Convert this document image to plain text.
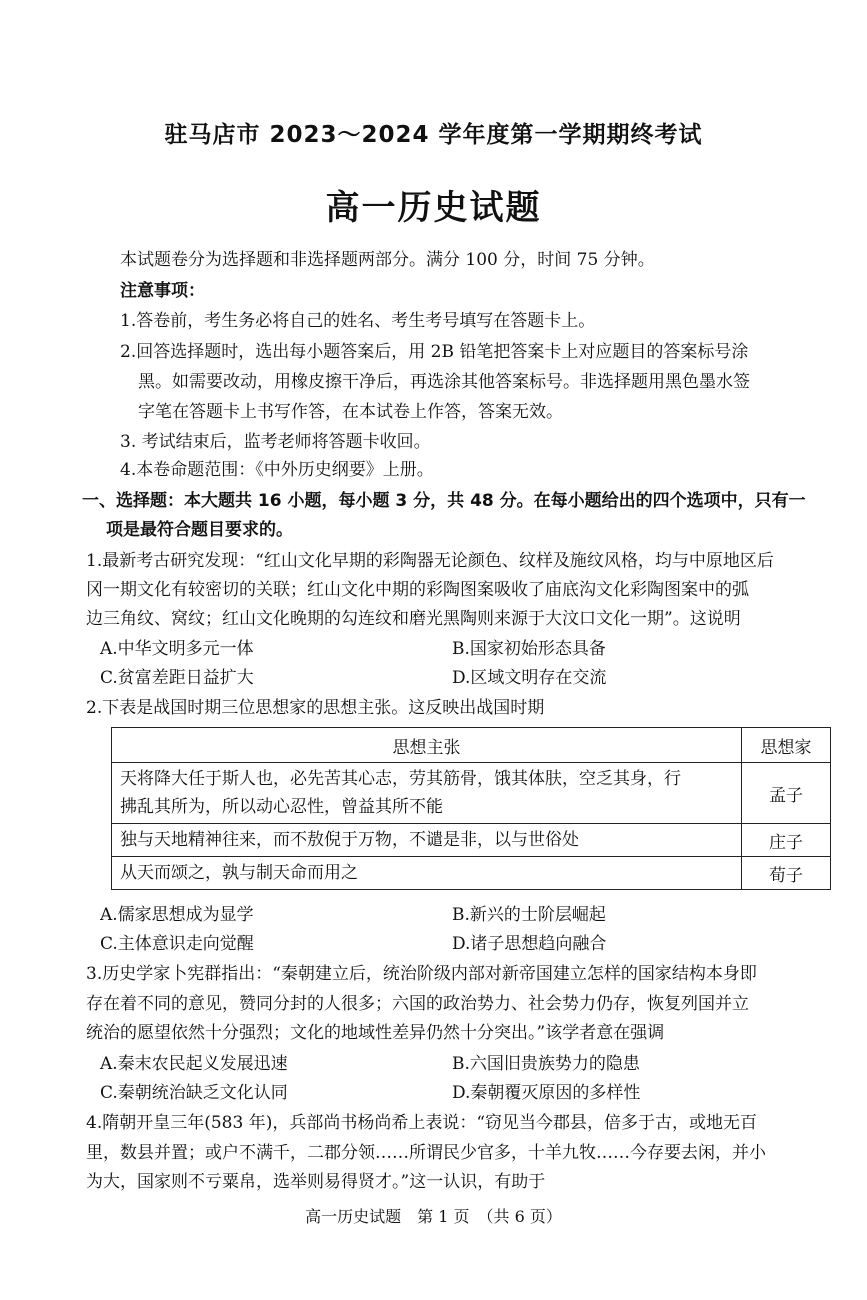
驻马店市 2023～2024 学年度第一学期期终考试
高一历史试题
本试题卷分为选择题和非选择题两部分。满分 100 分，时间 75 分钟。
注意事项：
1.答卷前，考生务必将自己的姓名、考生考号填写在答题卡上。
2.回答选择题时，选出每小题答案后，用 2B 铅笔把答案卡上对应题目的答案标号涂
黑。如需要改动，用橡皮擦干净后，再选涂其他答案标号。非选择题用黑色墨水签
字笔在答题卡上书写作答，在本试卷上作答，答案无效。
3. 考试结束后，监考老师将答题卡收回。
4.本卷命题范围：《中外历史纲要》上册。
一、选择题：本大题共 16 小题，每小题 3 分，共 48 分。在每小题给出的四个选项中，只有一
项是最符合题目要求的。
1.最新考古研究发现：“红山文化早期的彩陶器无论颜色、纹样及施纹风格，均与中原地区后
冈一期文化有较密切的关联；红山文化中期的彩陶图案吸收了庙底沟文化彩陶图案中的弧
边三角纹、窝纹；红山文化晚期的勾连纹和磨光黑陶则来源于大汶口文化一期”。这说明
A.中华文明多元一体	B.国家初始形态具备
C.贫富差距日益扩大	D.区域文明存在交流
2.下表是战国时期三位思想家的思想主张。这反映出战国时期
思想主张	思想家

天将降大任于斯人也，必先苦其心志，劳其筋骨，饿其体肤，空乏其身，行
拂乱其所为，所以动心忍性，曾益其所不能	孟子
独与天地精神往来，而不敖倪于万物，不谴是非，以与世俗处	庄子
从天而颂之，孰与制天命而用之	荀子
A.儒家思想成为显学	B.新兴的士阶层崛起
C.主体意识走向觉醒	D.诸子思想趋向融合
3.历史学家卜宪群指出：“秦朝建立后，统治阶级内部对新帝国建立怎样的国家结构本身即
存在着不同的意见，赞同分封的人很多；六国的政治势力、社会势力仍存，恢复列国并立
统治的愿望依然十分强烈；文化的地域性差异仍然十分突出。”该学者意在强调
A.秦末农民起义发展迅速	B.六国旧贵族势力的隐患
C.秦朝统治缺乏文化认同	D.秦朝覆灭原因的多样性
4.隋朝开皇三年(583 年)，兵部尚书杨尚希上表说：“窃见当今郡县，倍多于古，或地无百
里，数县并置；或户不满千，二郡分领……所谓民少官多，十羊九牧……今存要去闲，并小
为大，国家则不亏粟帛，选举则易得贤才。”这一认识，有助于
高一历史试题　第 1 页　（共 6 页）
